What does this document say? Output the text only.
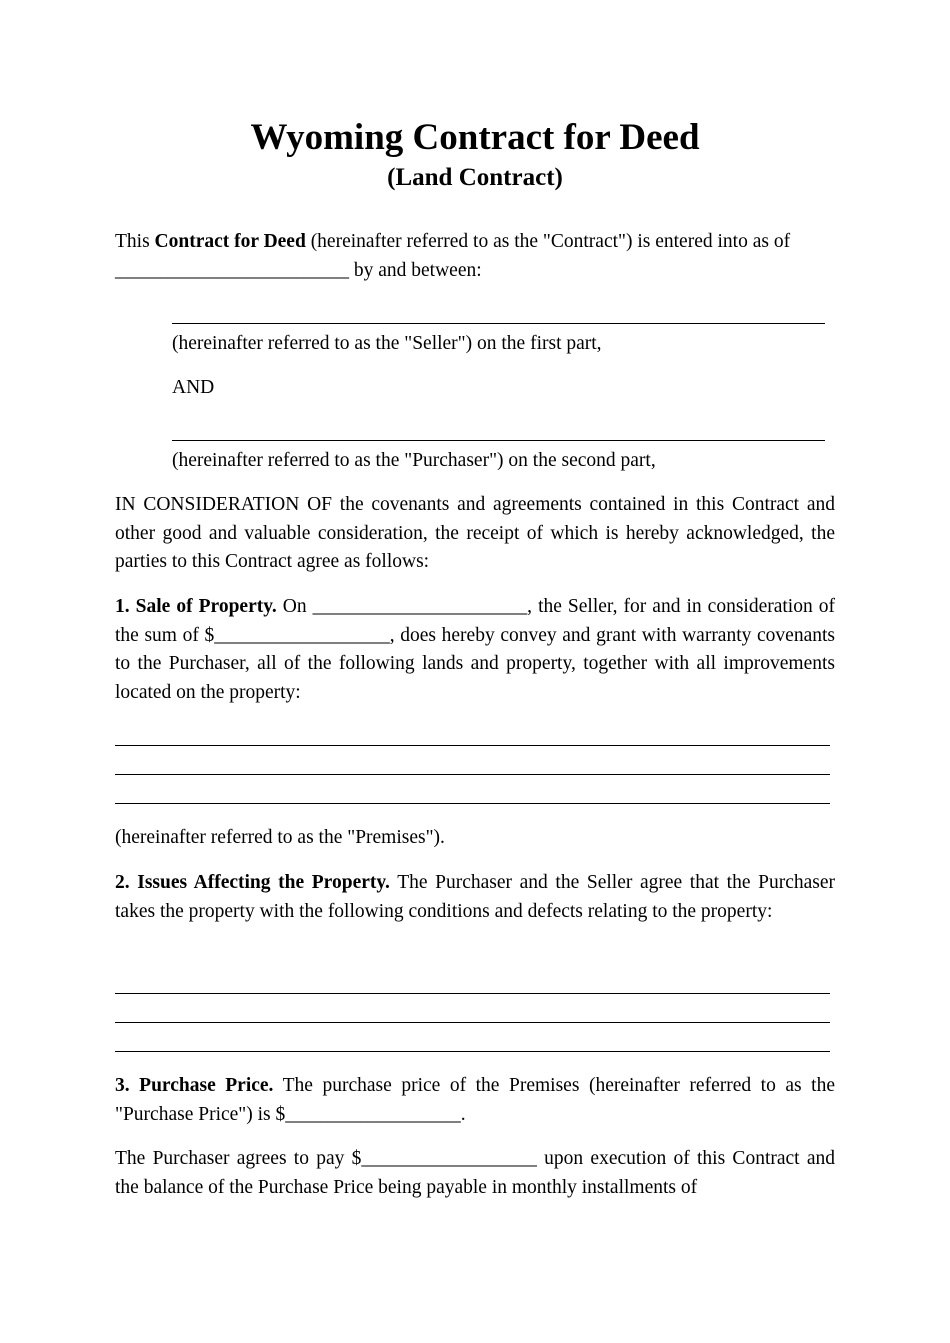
Wyoming Contract for Deed
(Land Contract)

This Contract for Deed (hereinafter referred to as the "Contract") is entered into as of
________________________ by and between:

(hereinafter referred to as the "Seller") on the first part,

AND

(hereinafter referred to as the "Purchaser") on the second part,

IN CONSIDERATION OF the covenants and agreements contained in this Contract and other good and valuable consideration, the receipt of which is hereby acknowledged, the parties to this Contract agree as follows:

1. Sale of Property. On ______________________, the Seller, for and in consideration of the sum of $__________________, does hereby convey and grant with warranty covenants to the Purchaser, all of the following lands and property, together with all improvements located on the property:

(hereinafter referred to as the "Premises").

2. Issues Affecting the Property. The Purchaser and the Seller agree that the Purchaser takes the property with the following conditions and defects relating to the property:

3. Purchase Price. The purchase price of the Premises (hereinafter referred to as the "Purchase Price") is $__________________.

The Purchaser agrees to pay $__________________ upon execution of this Contract and the balance of the Purchase Price being payable in monthly installments of
